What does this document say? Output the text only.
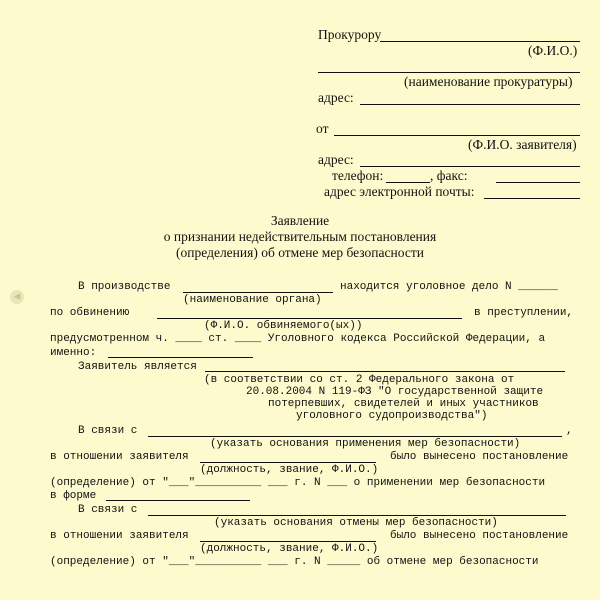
◀
Прокурору
(Ф.И.О.)
(наименование прокуратуры)
адрес:
от
(Ф.И.О. заявителя)
адрес:
телефон:	, факс:
адрес электронной почты:
Заявление
о признании недействительным постановления
(определения) об отмене мер безопасности
В производстве	находится уголовное дело N ______
(наименование органа)
по обвинению	в преступлении,
(Ф.И.О. обвиняемого(ых))
предусмотренном ч. ____ ст. ____ Уголовного кодекса Российской Федерации, а
именно:
Заявитель является
(в соответствии со ст. 2 Федерального закона от
20.08.2004 N 119-ФЗ "О государственной защите
потерпевших, свидетелей и иных участников
уголовного судопроизводства")
В связи с	,
(указать основания применения мер безопасности)
в отношении заявителя	было вынесено постановление
(должность, звание, Ф.И.О.)
(определение) от "___"__________ ___ г. N ___ о применении мер безопасности
в форме
В связи с
(указать основания отмены мер безопасности)
в отношении заявителя	было вынесено постановление
(должность, звание, Ф.И.О.)
(определение) от "___"__________ ___ г. N _____ об отмене мер безопасности
